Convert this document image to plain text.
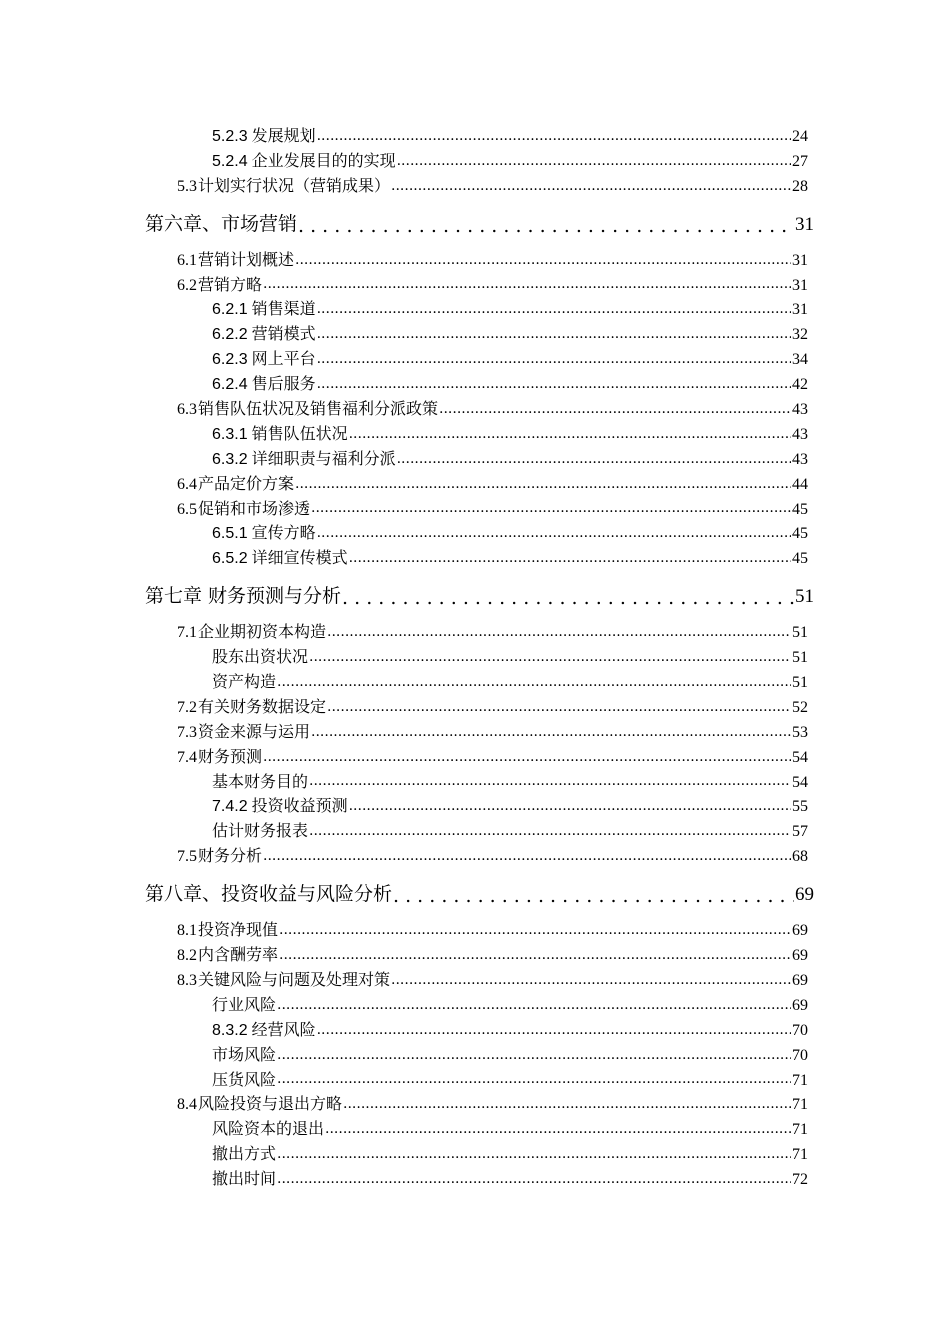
5.2.3 发展规划 .....	24
5.2.4 企业发展目的的实现 .....	27
5.3 计划实行状况（营销成果） .....	28
第六章、市场营销 . . .	31
6.1 营销计划概述 .....	31
6.2 营销方略 .....	31
6.2.1 销售渠道 .....	31
6.2.2 营销模式 .....	32
6.2.3 网上平台 .....	34
6.2.4 售后服务 .....	42
6.3 销售队伍状况及销售福利分派政策 .....	43
6.3.1 销售队伍状况 .....	43
6.3.2 详细职责与福利分派 .....	43
6.4 产品定价方案 .....	44
6.5 促销和市场渗透 .....	45
6.5.1 宣传方略 .....	45
6.5.2 详细宣传模式 .....	45
第七章 财务预测与分析 . . .	51
7.1 企业期初资本构造 .....	51
股东出资状况 .....	51
资产构造 .....	51
7.2 有关财务数据设定 .....	52
7.3 资金来源与运用 .....	53
7.4 财务预测 .....	54
基本财务目的 .....	54
7.4.2 投资收益预测 .....	55
估计财务报表 .....	57
7.5 财务分析 .....	68
第八章、投资收益与风险分析 . . .	69
8.1 投资净现值 .....	69
8.2 内含酬劳率 .....	69
8.3 关键风险与问题及处理对策 .....	69
行业风险 .....	69
8.3.2 经营风险 .....	70
市场风险 .....	70
压货风险 .....	71
8.4 风险投资与退出方略 .....	71
风险资本的退出 .....	71
撤出方式 .....	71
撤出时间 .....	72
